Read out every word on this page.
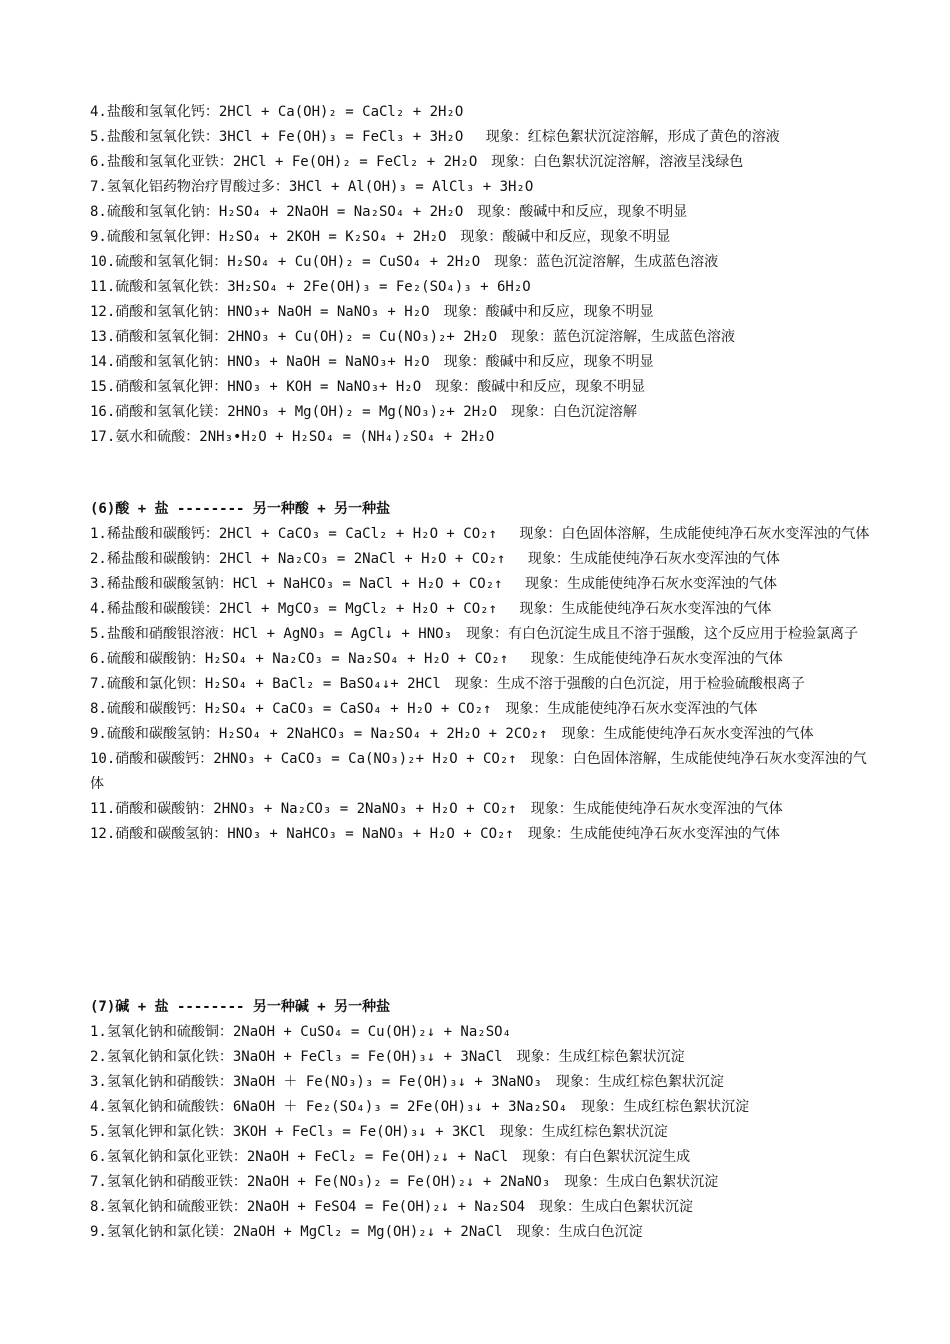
4.盐酸和氢氧化钙：2HCl + Ca(OH)₂ = CaCl₂ + 2H₂O
5.盐酸和氢氧化铁：3HCl + Fe(OH)₃ = FeCl₃ + 3H₂O　 现象：红棕色絮状沉淀溶解，形成了黄色的溶液
6.盐酸和氢氧化亚铁：2HCl + Fe(OH)₂ = FeCl₂ + 2H₂O　现象：白色絮状沉淀溶解，溶液呈浅绿色
7.氢氧化铝药物治疗胃酸过多：3HCl + Al(OH)₃ = AlCl₃ + 3H₂O
8.硫酸和氢氧化钠：H₂SO₄ + 2NaOH = Na₂SO₄ + 2H₂O　现象：酸碱中和反应，现象不明显
9.硫酸和氢氧化钾：H₂SO₄ + 2KOH = K₂SO₄ + 2H₂O　现象：酸碱中和反应，现象不明显
10.硫酸和氢氧化铜：H₂SO₄ + Cu(OH)₂ = CuSO₄ + 2H₂O　现象：蓝色沉淀溶解，生成蓝色溶液
11.硫酸和氢氧化铁：3H₂SO₄ + 2Fe(OH)₃ = Fe₂(SO₄)₃ + 6H₂O
12.硝酸和氢氧化钠：HNO₃+ NaOH = NaNO₃ + H₂O　现象：酸碱中和反应，现象不明显
13.硝酸和氢氧化铜：2HNO₃ + Cu(OH)₂ = Cu(NO₃)₂+ 2H₂O　现象：蓝色沉淀溶解，生成蓝色溶液
14.硝酸和氢氧化钠：HNO₃ + NaOH = NaNO₃+ H₂O　现象：酸碱中和反应，现象不明显
15.硝酸和氢氧化钾：HNO₃ + KOH = NaNO₃+ H₂O　现象：酸碱中和反应，现象不明显
16.硝酸和氢氧化镁：2HNO₃ + Mg(OH)₂ = Mg(NO₃)₂+ 2H₂O　现象：白色沉淀溶解
17.氨水和硫酸：2NH₃•H₂O + H₂SO₄ = (NH₄)₂SO₄ + 2H₂O
(6)酸 + 盐 -------- 另一种酸 + 另一种盐
1.稀盐酸和碳酸钙：2HCl + CaCO₃ = CaCl₂ + H₂O + CO₂↑　 现象：白色固体溶解，生成能使纯净石灰水变浑浊的气体
2.稀盐酸和碳酸钠：2HCl + Na₂CO₃ = 2NaCl + H₂O + CO₂↑　 现象：生成能使纯净石灰水变浑浊的气体
3.稀盐酸和碳酸氢钠：HCl + NaHCO₃ = NaCl + H₂O + CO₂↑　 现象：生成能使纯净石灰水变浑浊的气体
4.稀盐酸和碳酸镁：2HCl + MgCO₃ = MgCl₂ + H₂O + CO₂↑　 现象：生成能使纯净石灰水变浑浊的气体
5.盐酸和硝酸银溶液：HCl + AgNO₃ = AgCl↓ + HNO₃　现象：有白色沉淀生成且不溶于强酸，这个反应用于检验氯离子
6.硫酸和碳酸钠：H₂SO₄ + Na₂CO₃ = Na₂SO₄ + H₂O + CO₂↑　 现象：生成能使纯净石灰水变浑浊的气体
7.硫酸和氯化钡：H₂SO₄ + BaCl₂ = BaSO₄↓+ 2HCl　现象：生成不溶于强酸的白色沉淀，用于检验硫酸根离子
8.硫酸和碳酸钙：H₂SO₄ + CaCO₃ = CaSO₄ + H₂O + CO₂↑　现象：生成能使纯净石灰水变浑浊的气体
9.硫酸和碳酸氢钠：H₂SO₄ + 2NaHCO₃ = Na₂SO₄ + 2H₂O + 2CO₂↑　现象：生成能使纯净石灰水变浑浊的气体
10.硝酸和碳酸钙：2HNO₃ + CaCO₃ = Ca(NO₃)₂+ H₂O + CO₂↑　现象：白色固体溶解，生成能使纯净石灰水变浑浊的气体
11.硝酸和碳酸钠：2HNO₃ + Na₂CO₃ = 2NaNO₃ + H₂O + CO₂↑　现象：生成能使纯净石灰水变浑浊的气体
12.硝酸和碳酸氢钠：HNO₃ + NaHCO₃ = NaNO₃ + H₂O + CO₂↑　现象：生成能使纯净石灰水变浑浊的气体
(7)碱 + 盐 -------- 另一种碱 + 另一种盐
1.氢氧化钠和硫酸铜：2NaOH + CuSO₄ = Cu(OH)₂↓ + Na₂SO₄
2.氢氧化钠和氯化铁：3NaOH + FeCl₃ = Fe(OH)₃↓ + 3NaCl　现象：生成红棕色絮状沉淀
3.氢氧化钠和硝酸铁：3NaOH ＋ Fe(NO₃)₃ = Fe(OH)₃↓ + 3NaNO₃　现象：生成红棕色絮状沉淀
4.氢氧化钠和硫酸铁：6NaOH ＋ Fe₂(SO₄)₃ = 2Fe(OH)₃↓ + 3Na₂SO₄　现象：生成红棕色絮状沉淀
5.氢氧化钾和氯化铁：3KOH + FeCl₃ = Fe(OH)₃↓ + 3KCl　现象：生成红棕色絮状沉淀
6.氢氧化钠和氯化亚铁：2NaOH + FeCl₂ = Fe(OH)₂↓ + NaCl　现象：有白色絮状沉淀生成
7.氢氧化钠和硝酸亚铁：2NaOH + Fe(NO₃)₂ = Fe(OH)₂↓ + 2NaNO₃　现象：生成白色絮状沉淀
8.氢氧化钠和硫酸亚铁：2NaOH + FeSO4 = Fe(OH)₂↓ + Na₂SO4　现象：生成白色絮状沉淀
9.氢氧化钠和氯化镁：2NaOH + MgCl₂ = Mg(OH)₂↓ + 2NaCl　现象：生成白色沉淀
